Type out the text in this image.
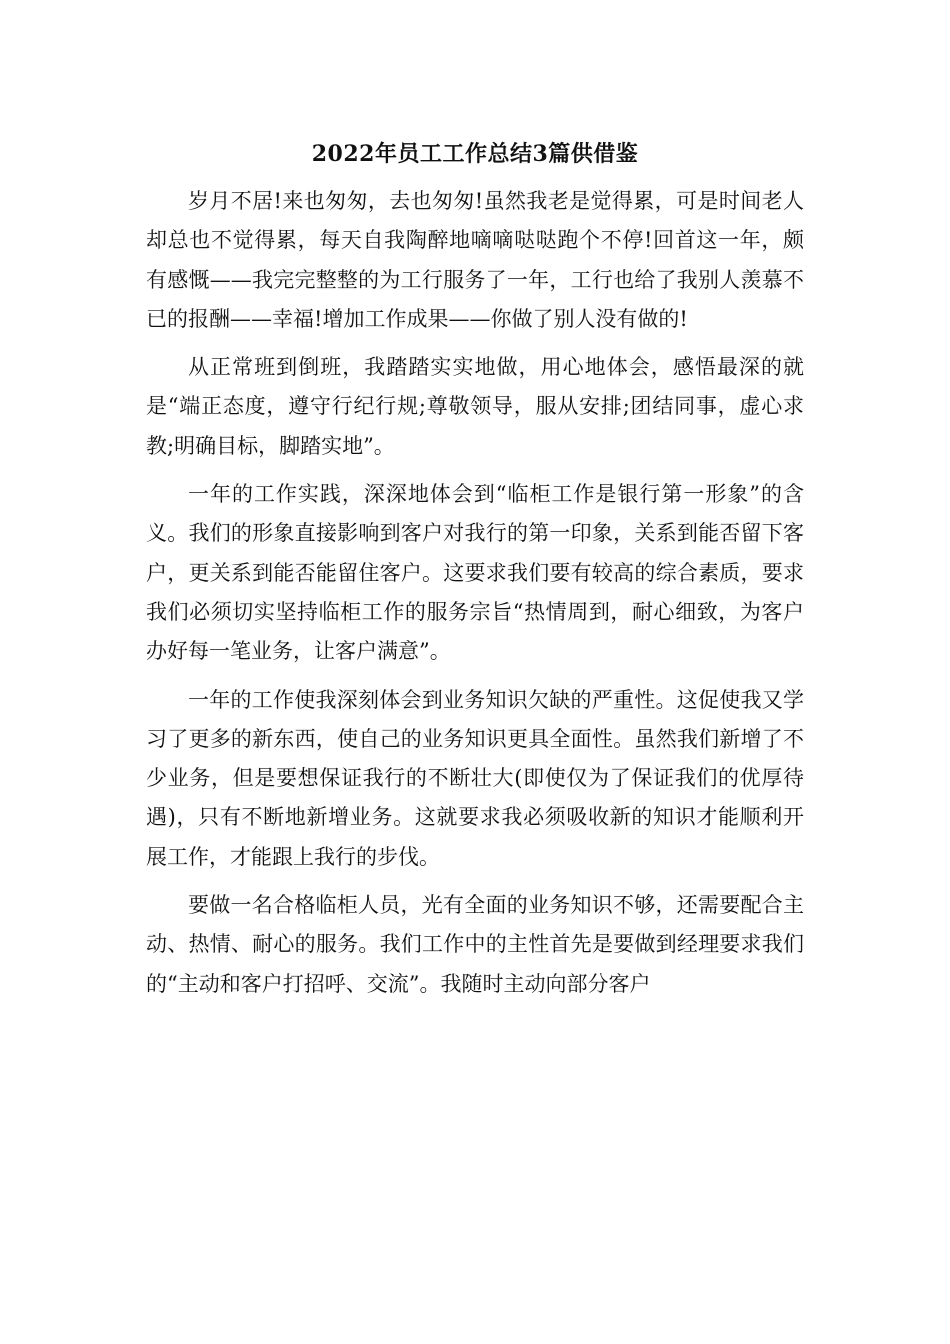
2022年员工工作总结3篇供借鉴

岁月不居!来也匆匆，去也匆匆!虽然我老是觉得累，可是时间老人却总也不觉得累，每天自我陶醉地嘀嘀哒哒跑个不停!回首这一年，颇有感慨——我完完整整的为工行服务了一年，工行也给了我别人羡慕不已的报酬——幸福!增加工作成果——你做了别人没有做的!

从正常班到倒班，我踏踏实实地做，用心地体会，感悟最深的就是“端正态度，遵守行纪行规;尊敬领导，服从安排;团结同事，虚心求教;明确目标，脚踏实地”。

一年的工作实践，深深地体会到“临柜工作是银行第一形象”的含义。我们的形象直接影响到客户对我行的第一印象，关系到能否留下客户，更关系到能否能留住客户。这要求我们要有较高的综合素质，要求我们必须切实坚持临柜工作的服务宗旨“热情周到，耐心细致，为客户办好每一笔业务，让客户满意”。

一年的工作使我深刻体会到业务知识欠缺的严重性。这促使我又学习了更多的新东西，使自己的业务知识更具全面性。虽然我们新增了不少业务，但是要想保证我行的不断壮大(即使仅为了保证我们的优厚待遇)，只有不断地新增业务。这就要求我必须吸收新的知识才能顺利开展工作，才能跟上我行的步伐。

要做一名合格临柜人员，光有全面的业务知识不够，还需要配合主动、热情、耐心的服务。我们工作中的主性首先是要做到经理要求我们的“主动和客户打招呼、交流”。我随时主动向部分客户
